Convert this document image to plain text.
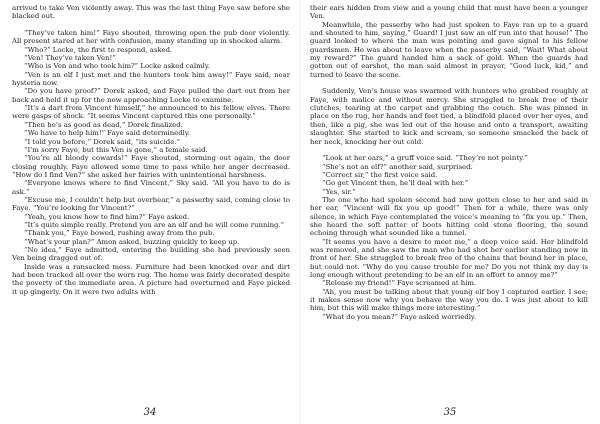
arrived to take Ven violently away. This was the last thing Faye saw before she blacked out.

“They’ve taken him!” Faye shouted, throwing open the pub door violently. All present stared at her with confusion, many standing up in shocked alarm.

“Who?” Locke, the first to respond, asked.

“Ven! They’ve taken Ven!”

“Who is Ven and who took him?” Locke asked calmly.

“Ven is an elf I just met and the hunters took him away!” Faye said, near hysteria now.

“Do you have proof?” Dorek asked, and Faye pulled the dart out from her back and held it up for the now approaching Locke to examine.

“It’s a dart from Vincent himself,” he announced to his fellow elves. There were gasps of shock. “It seems Vincent captured this one personally.”

“Then he’s as good as dead,” Dorek finalized.

“We have to help him!” Faye said determinedly.

“I told you before,” Dorek said, “its suicide.”

“I’m sorry Faye, but this Ven is gone,” a female said.

“You’re all bloody cowards!” Faye shouted, storming out again, the door closing roughly. Faye allowed some time to pass while her anger decreased. “How do I find Ven?” she asked her fairies with unintentional harshness.

“Everyone knows where to find Vincent,” Sky said. “All you have to do is ask.”

“Excuse me, I couldn’t help but overhear,” a passerby said, coming close to Faye. “You’re looking for Vincent?”

“Yeah, you know how to find him?” Faye asked.

“It’s quite simple really. Pretend you are an elf and he will come running.”

“Thank you,” Faye bowed, rushing away from the pub.

“What’s your plan?” Amon asked, buzzing quickly to keep up.

“No idea,” Faye admitted, entering the building she had previously seen Ven being dragged out of.

Inside was a ransacked mess. Furniture had been knocked over and dirt had been tracked all over the worn rug. The home was fairly decorated despite the poverty of the immediate area. A picture had overturned and Faye picked it up gingerly. On it were two adults with

34

their ears hidden from view and a young child that must have been a younger Ven.

Meanwhile, the passerby who had just spoken to Faye ran up to a guard and shouted to him, saying,” Guard! I just saw an elf run into that house!” The guard looked to where the man was pointing and gave signal to his fellow guardsmen. He was about to leave when the passerby said, “Wait! What about my reward?” The guard handed him a sack of gold. When the guards had gotten out of earshot, the man said almost in prayer, “Good luck, kid,” and turned to leave the scene.

Suddenly, Ven’s house was swarmed with hunters who grabbed roughly at Faye, with malice and without mercy. She struggled to break free of their clutches, tearing at the carpet and grabbing the couch. She was pinned in place on the rug, her hands and feet tied, a blindfold placed over her eyes, and then, like a pig, she was led out of the house and onto a transport, awaiting slaughter. She started to kick and scream, so someone smacked the back of her neck, knocking her out cold.

“Look at her ears,” a gruff voice said. “They’re not pointy.”

“She’s not an elf?” another said, surprised.

“Correct sir,” the first voice said.

“Go get Vincent then, he’ll deal with her.”

“Yes, sir.”

The one who had spoken second had now gotten close to her and said in her ear, “Vincent will fix you up good!” Then for a while, there was only silence, in which Faye contemplated the voice’s meaning to “fix you up.” Then, she heard the soft patter of boots hitting cold stone flooring, the sound echoing through what sounded like a tunnel.

“It seems you have a desire to meet me,” a deep voice said. Her blindfold was removed, and she saw the man who had shot her earlier standing now in front of her. She struggled to break free of the chains that bound her in place, but could not. “Why do you cause trouble for me? Do you not think my day is long enough without pretending to be an elf in an effort to annoy me?”

“Release my friend!” Faye screamed at him.

“Ah, you must be talking about that young elf boy I captured earlier. I see; it makes sense now why you behave the way you do. I was just about to kill him, but this will make things more interesting.”

“What do you mean?” Faye asked worriedly.

35
